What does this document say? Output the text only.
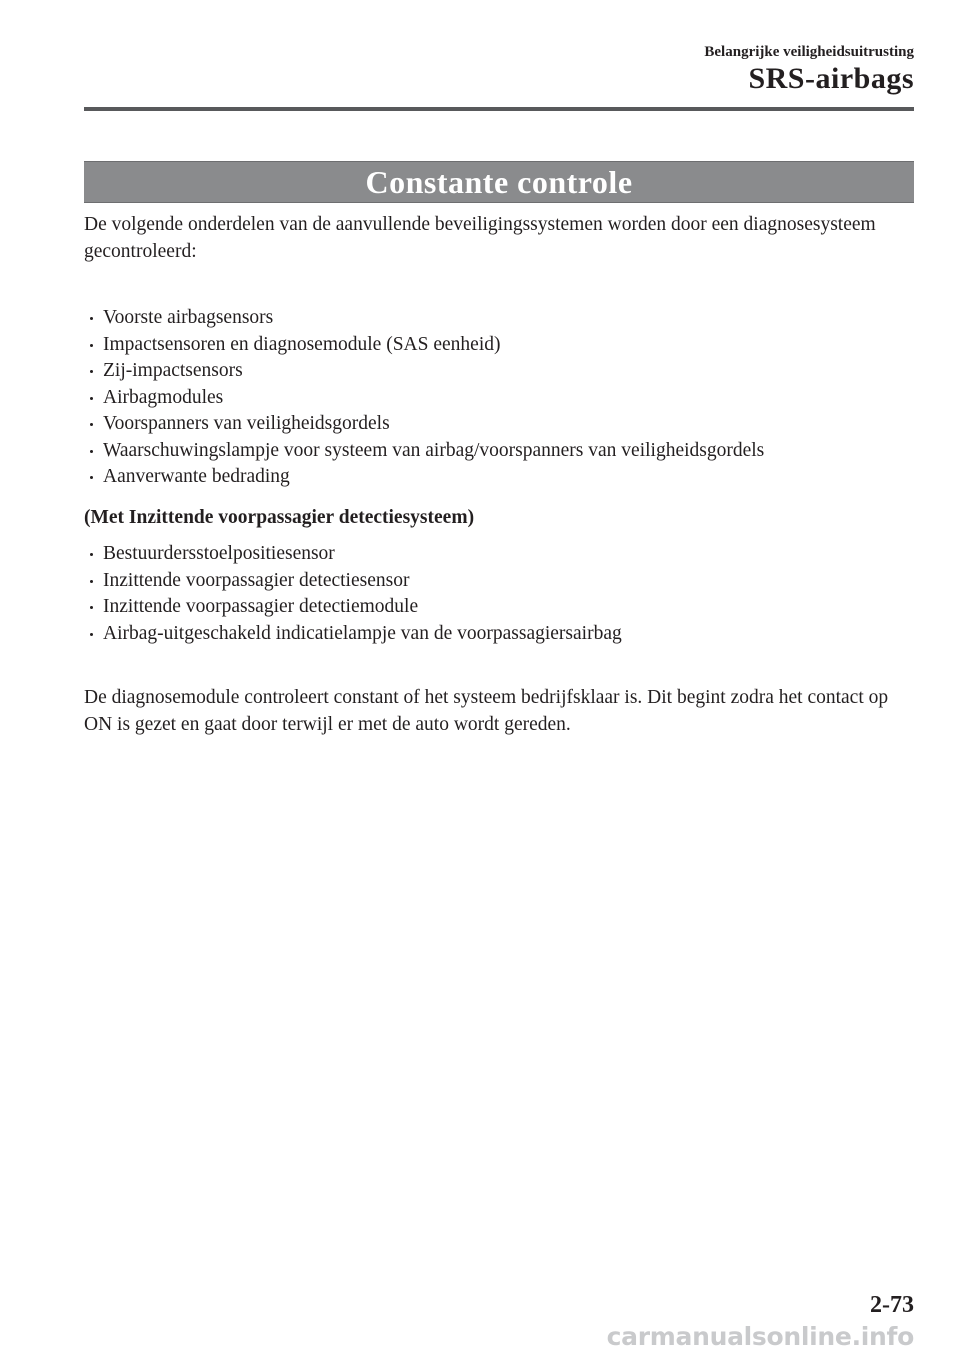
Belangrijke veiligheidsuitrusting
SRS-airbags
Constante controle

De volgende onderdelen van de aanvullende beveiligingssystemen worden door een diagnosesysteem gecontroleerd:

Voorste airbagsensors
Impactsensoren en diagnosemodule (SAS eenheid)
Zij-impactsensors
Airbagmodules
Voorspanners van veiligheidsgordels
Waarschuwingslampje voor systeem van airbag/voorspanners van veiligheidsgordels
Aanverwante bedrading

(Met Inzittende voorpassagier detectiesysteem)

Bestuurdersstoelpositiesensor
Inzittende voorpassagier detectiesensor
Inzittende voorpassagier detectiemodule
Airbag-uitgeschakeld indicatielampje van de voorpassagiersairbag

De diagnosemodule controleert constant of het systeem bedrijfsklaar is. Dit begint zodra het contact op ON is gezet en gaat door terwijl er met de auto wordt gereden.

2-73
carmanualsonline.info
